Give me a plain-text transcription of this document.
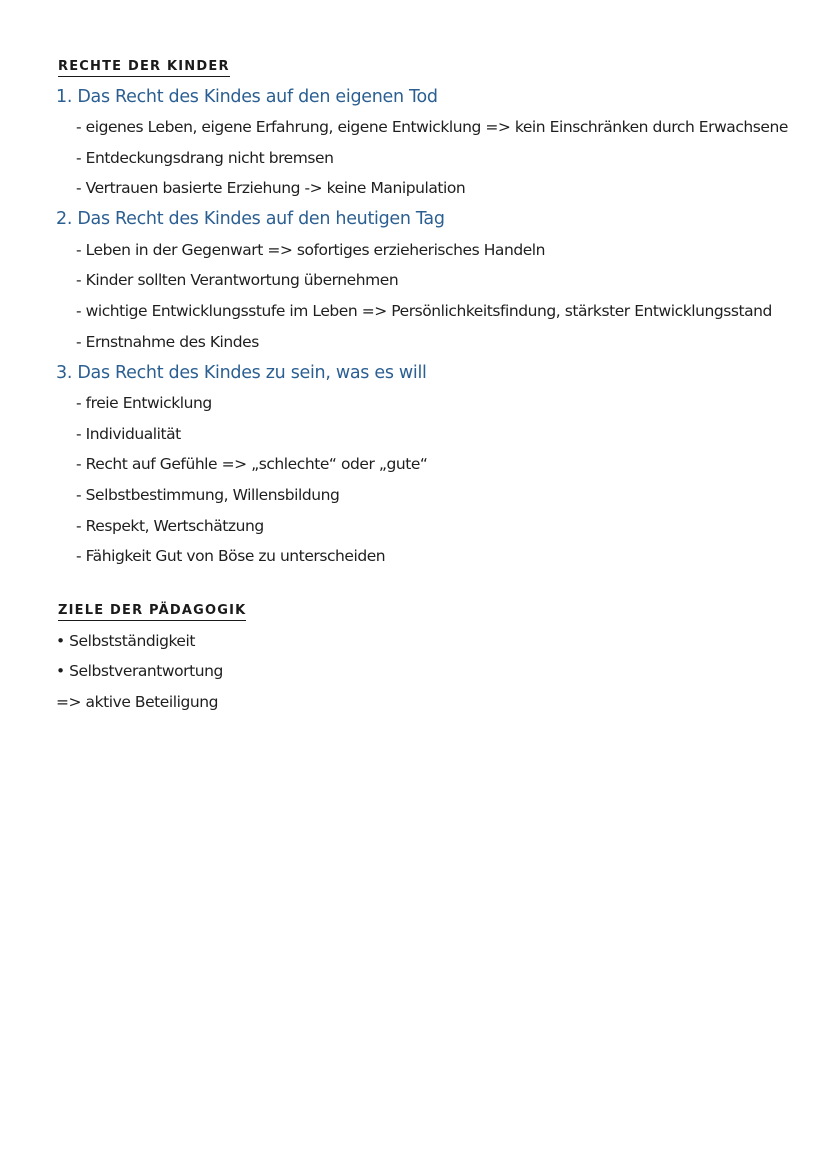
RECHTE DER KINDER
1. Das Recht des Kindes auf den eigenen Tod
- eigenes Leben, eigene Erfahrung, eigene Entwicklung => kein Einschränken durch Erwachsene
- Entdeckungsdrang nicht bremsen
- Vertrauen basierte Erziehung -> keine Manipulation
2. Das Recht des Kindes auf den heutigen Tag
- Leben in der Gegenwart => sofortiges erzieherisches Handeln
- Kinder sollten Verantwortung übernehmen
- wichtige Entwicklungsstufe im Leben => Persönlichkeitsfindung, stärkster Entwicklungsstand
- Ernstnahme des Kindes
3. Das Recht des Kindes zu sein, was es will
- freie Entwicklung
- Individualität
- Recht auf Gefühle => „schlechte“ oder „gute“
- Selbstbestimmung, Willensbildung
- Respekt, Wertschätzung
- Fähigkeit Gut von Böse zu unterscheiden
ZIELE DER PÄDAGOGIK
• Selbstständigkeit
• Selbstverantwortung
=> aktive Beteiligung
